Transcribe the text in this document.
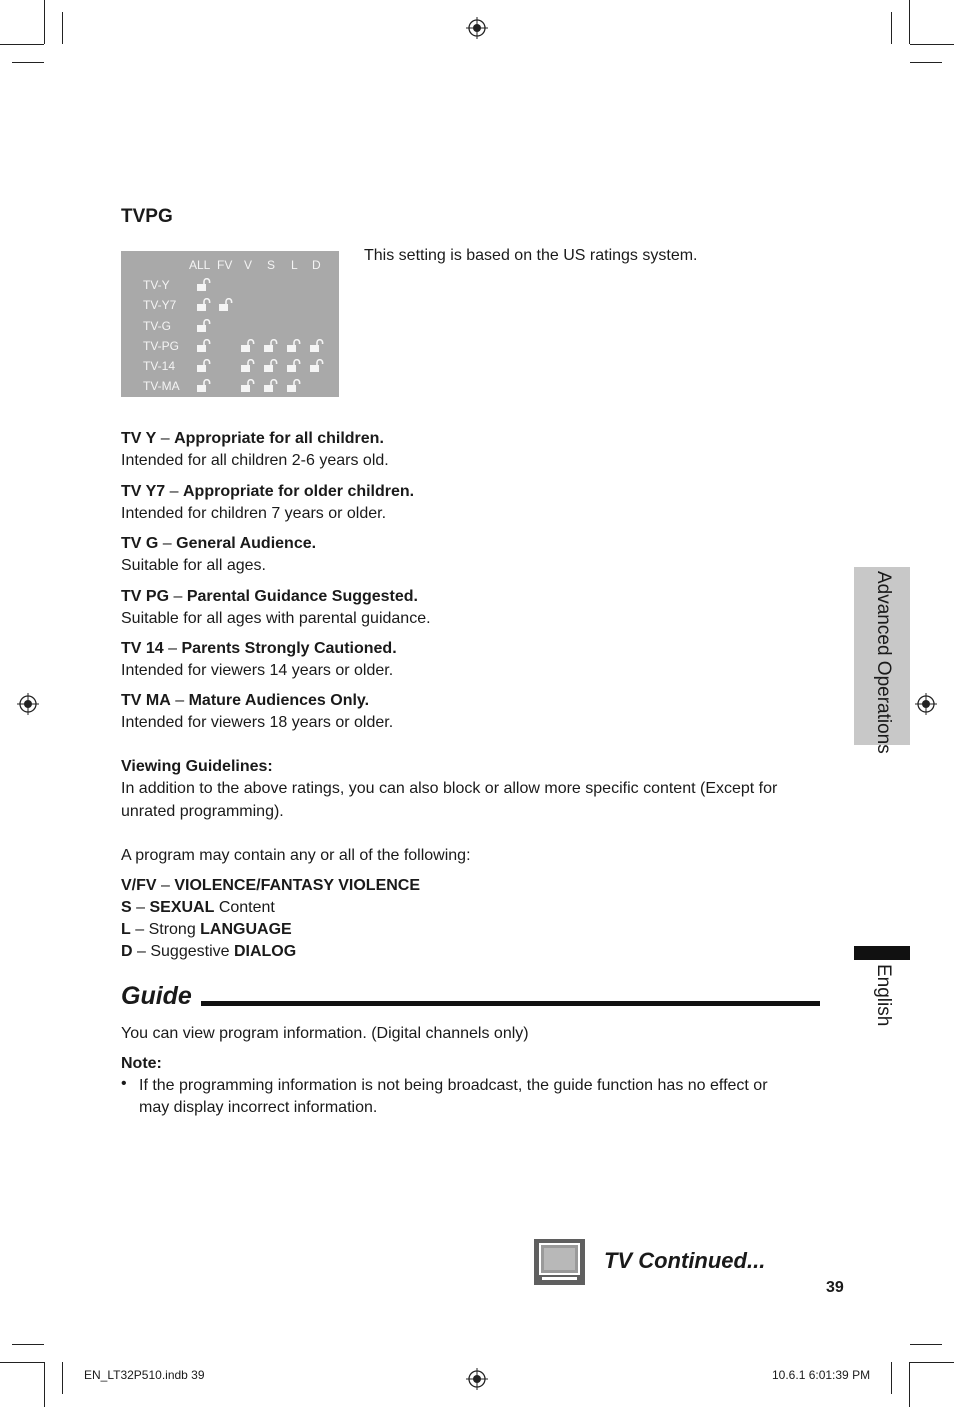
TVPG
ALL FV V S L D
TV-Y
TV-Y7
TV-G
TV-PG
TV-14
TV-MA
This setting is based on the US ratings system.
TV Y – Appropriate for all children.
Intended for all children 2-6 years old.
TV Y7 – Appropriate for older children.
Intended for children 7 years or older.
TV G – General Audience.
Suitable for all ages.
TV PG – Parental Guidance Suggested.
Suitable for all ages with parental guidance.
TV 14 – Parents Strongly Cautioned.
Intended for viewers 14 years or older.
TV MA – Mature Audiences Only.
Intended for viewers 18 years or older.
Viewing Guidelines:
In addition to the above ratings, you can also block or allow more specific content (Except for
unrated programming).
A program may contain any or all of the following:
V/FV – VIOLENCE/FANTASY VIOLENCE
S – SEXUAL Content
L – Strong LANGUAGE
D – Suggestive DIALOG
Guide
You can view program information. (Digital channels only)
Note:
• If the programming information is not being broadcast, the guide function has no effect or
may display incorrect information.
Advanced Operations
English
TV Continued...
39
EN_LT32P510.indb 39	10.6.1 6:01:39 PM
